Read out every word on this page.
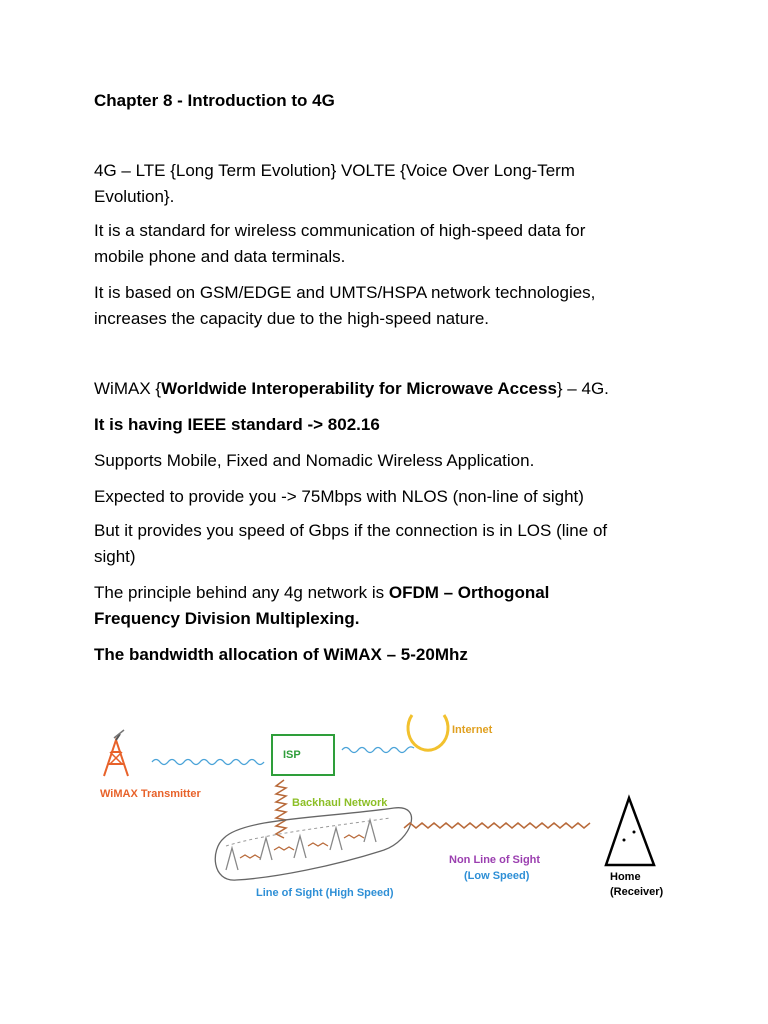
Chapter 8 - Introduction to 4G
4G – LTE {Long Term Evolution} VOLTE {Voice Over Long-Term
Evolution}.
It is a standard for wireless communication of high-speed data for
mobile phone and data terminals.
It is based on GSM/EDGE and UMTS/HSPA network technologies,
increases the capacity due to the high-speed nature.
WiMAX {Worldwide Interoperability for Microwave Access} – 4G.
It is having IEEE standard -> 802.16
Supports Mobile, Fixed and Nomadic Wireless Application.
Expected to provide you -> 75Mbps with NLOS (non-line of sight)
But it provides you speed of Gbps if the connection is in LOS (line of
sight)
The principle behind any 4g network is OFDM – Orthogonal
Frequency Division Multiplexing.
The bandwidth allocation of WiMAX – 5-20Mhz
WiMAX Transmitter
ISP
Internet
Backhaul Network
Non Line of Sight
(Low Speed)
Line of Sight (High Speed)
Home
(Receiver)
